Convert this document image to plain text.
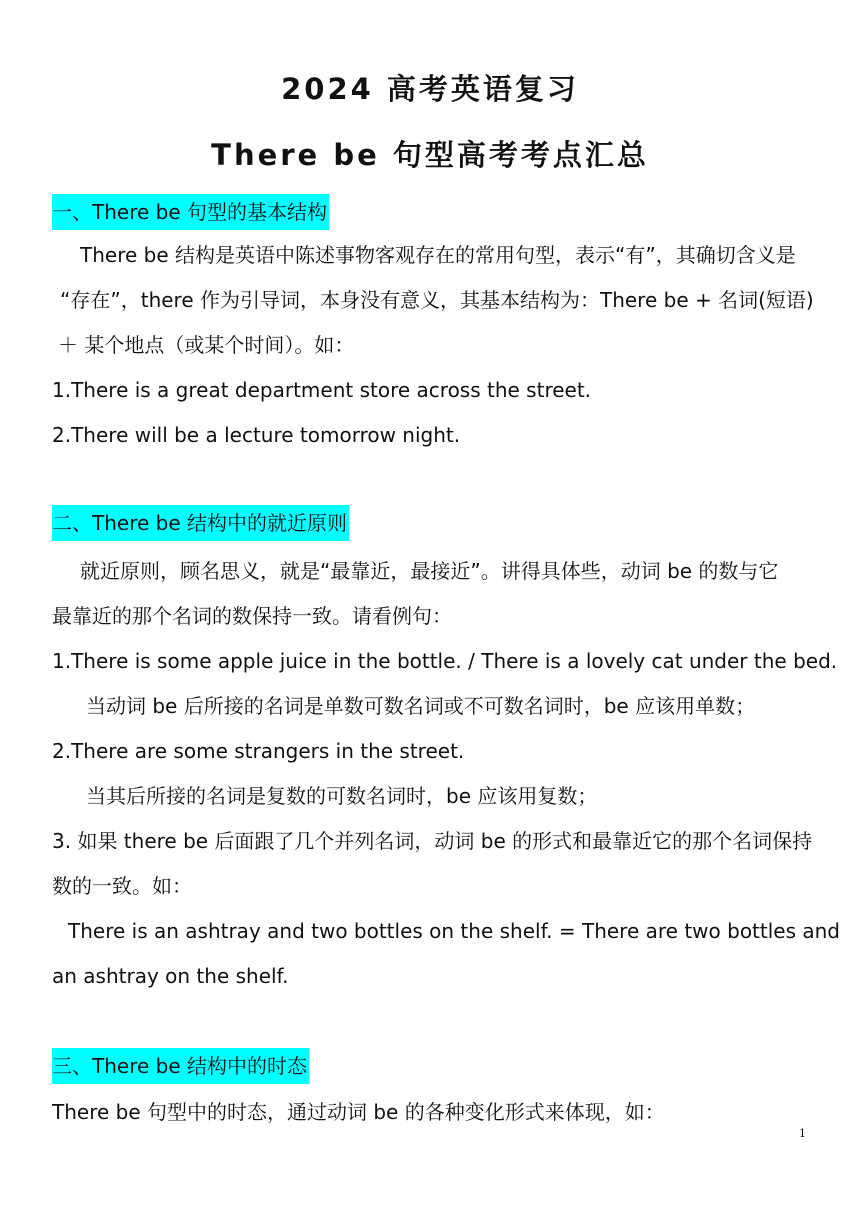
2024 高考英语复习
There be 句型高考考点汇总
一、There be 句型的基本结构
There be 结构是英语中陈述事物客观存在的常用句型，表示“有”，其确切含义是
“存在”，there 作为引导词，本身没有意义，其基本结构为：There be + 名词(短语)
＋ 某个地点（或某个时间）。如：
1.There is a great department store across the street.
2.There will be a lecture tomorrow night.
二、There be 结构中的就近原则
就近原则，顾名思义，就是“最靠近，最接近”。讲得具体些，动词 be 的数与它
最靠近的那个名词的数保持一致。请看例句：
1.There is some apple juice in the bottle. / There is a lovely cat under the bed.
当动词 be 后所接的名词是单数可数名词或不可数名词时，be 应该用单数；
2.There are some strangers in the street.
当其后所接的名词是复数的可数名词时，be 应该用复数；
3. 如果 there be 后面跟了几个并列名词，动词 be 的形式和最靠近它的那个名词保持
数的一致。如：
There is an ashtray and two bottles on the shelf. = There are two bottles and
an ashtray on the shelf.
三、There be 结构中的时态
There be 句型中的时态，通过动词 be 的各种变化形式来体现，如：
1
